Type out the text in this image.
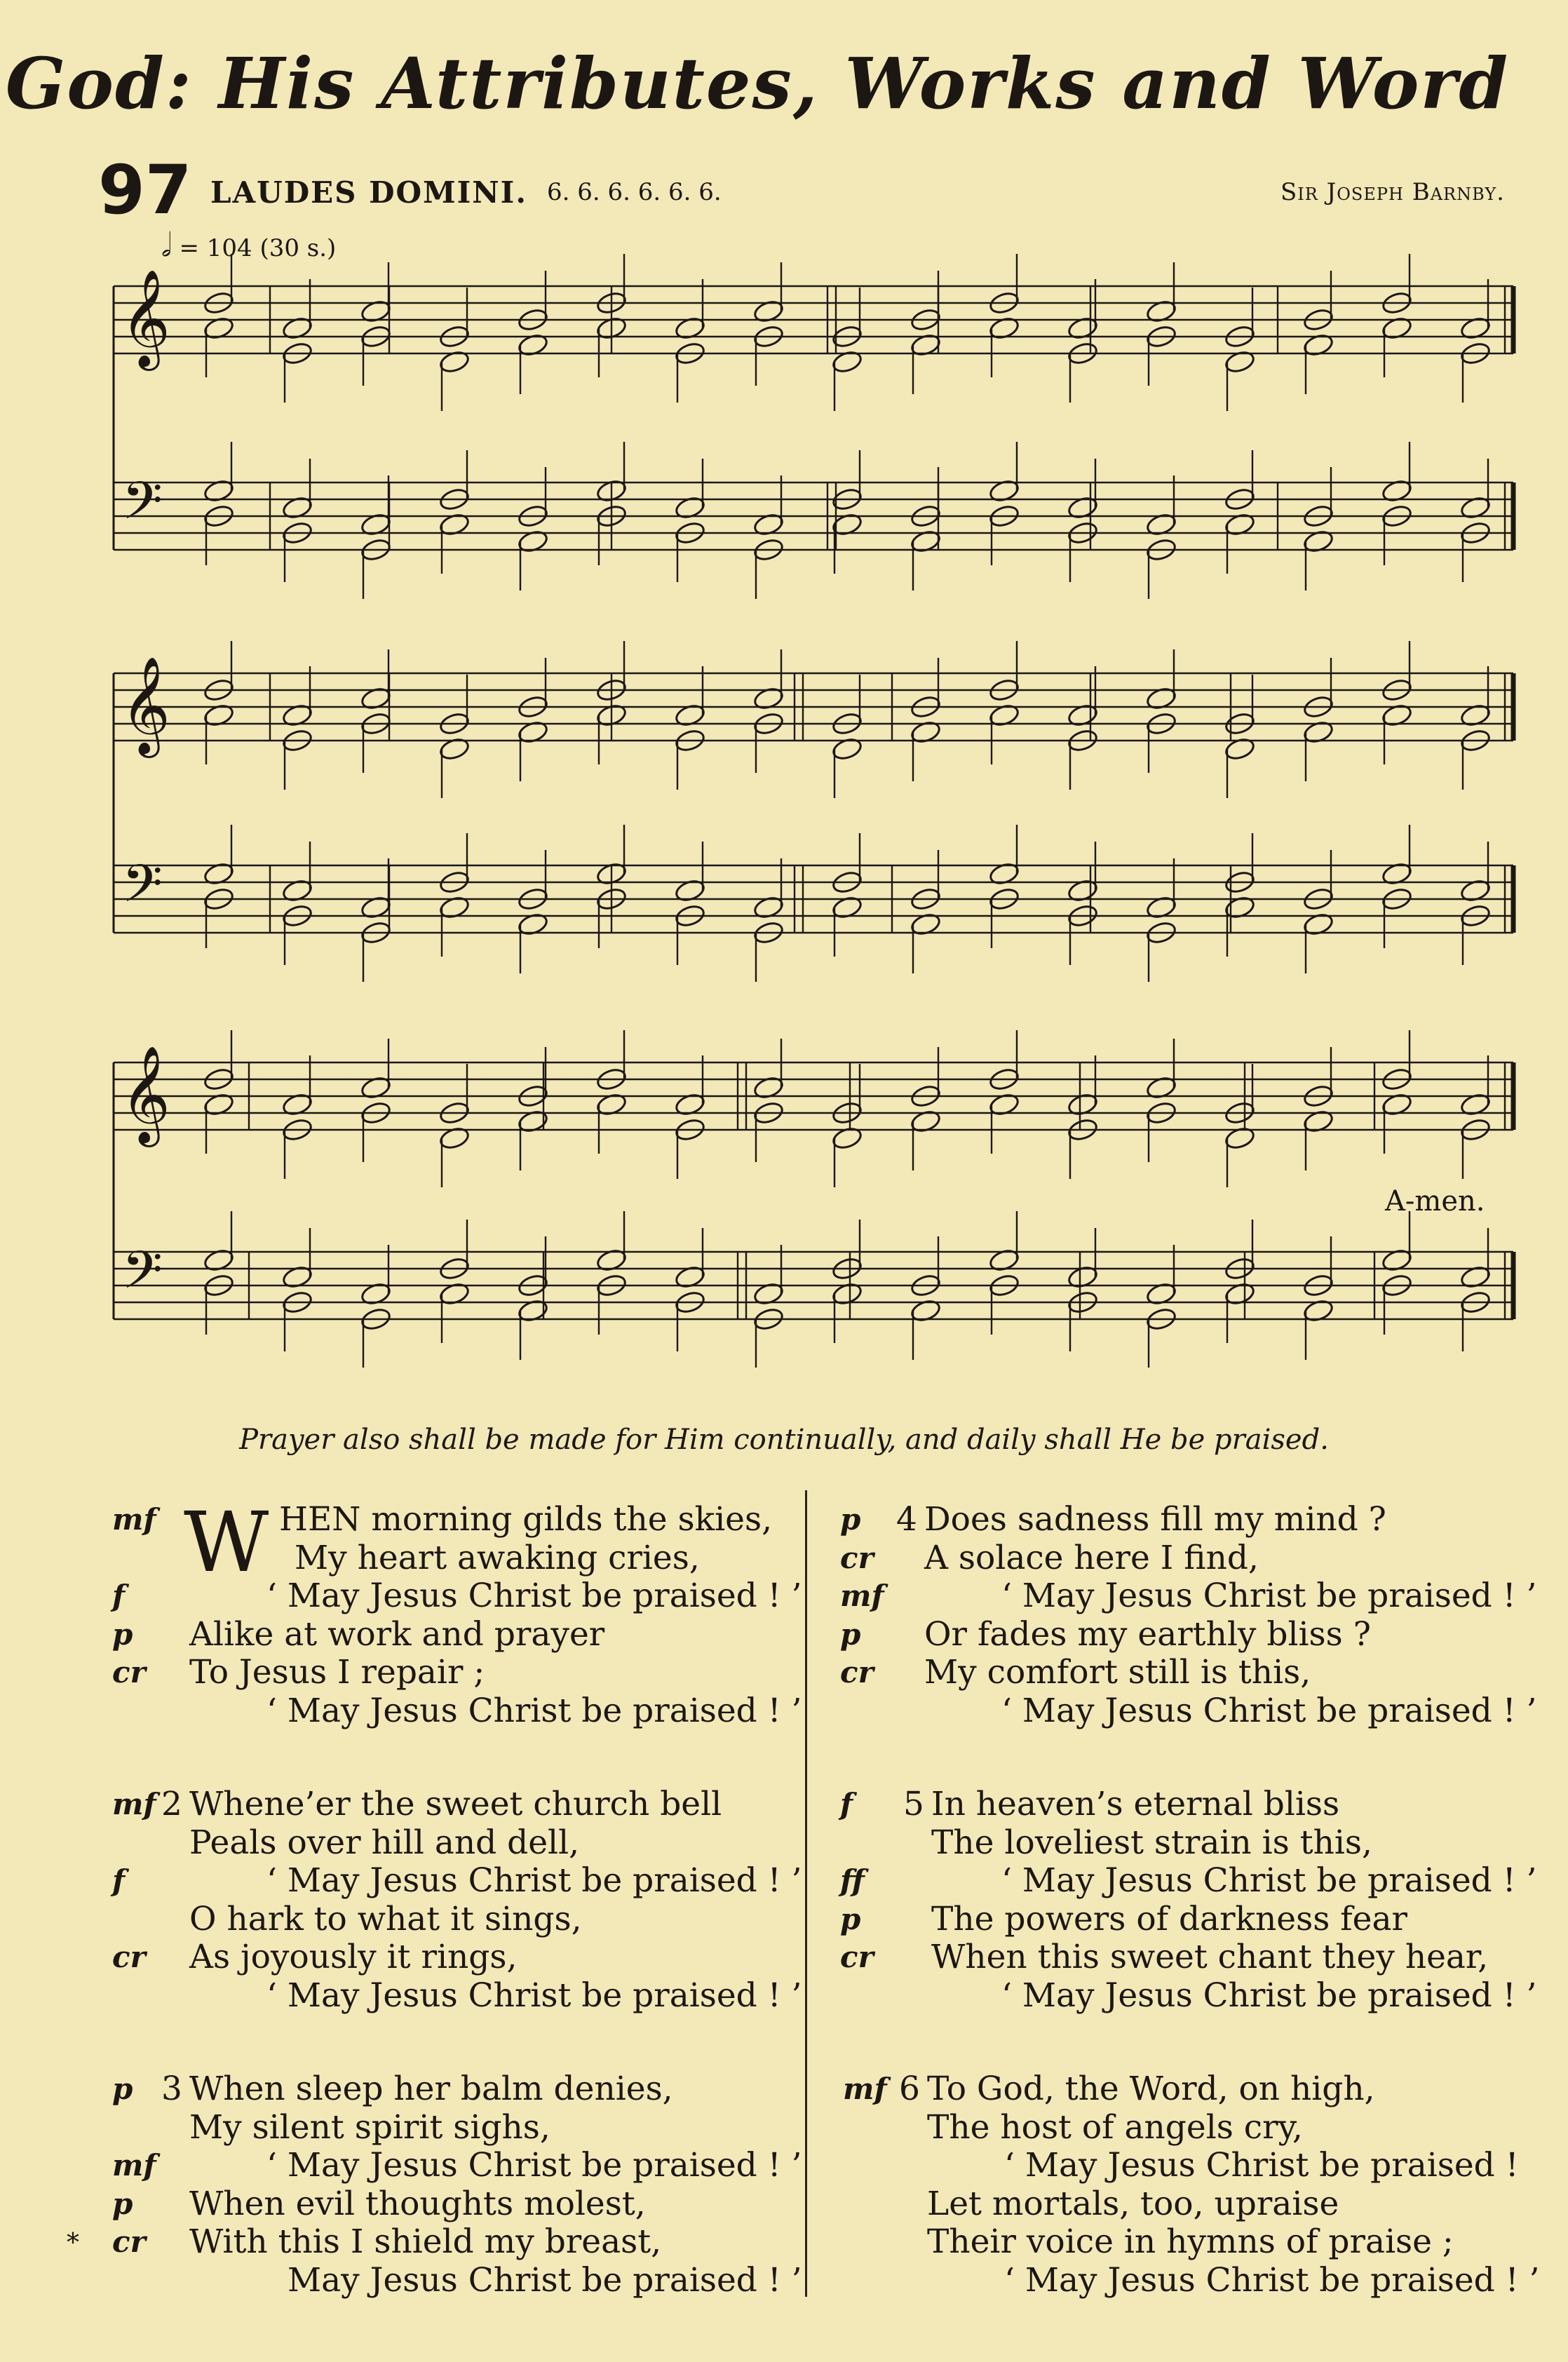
God: His Attributes, Works and Word
97 LAUDES DOMINI. 6. 6. 6. 6. 6. 6.	Sir Joseph Barnby.
𝅗𝅥 = 104 (30 s.)
𝄞
𝄢
𝄞
𝄢
𝄞
𝄢
A-men.
Prayer also shall be made for Him continually, and daily shall He be praised.
W
mf	HEN morning gilds the skies,
My heart awaking cries,
f	‘ May Jesus Christ be praised ! ’
p	Alike at work and prayer
cr	To Jesus I repair ;
‘ May Jesus Christ be praised ! ’
mf 2 Whene’er the sweet church bell
Peals over hill and dell,
f	‘ May Jesus Christ be praised ! ’
O hark to what it sings,
cr	As joyously it rings,
‘ May Jesus Christ be praised ! ’
p 3 When sleep her balm denies,
My silent spirit sighs,
mf	‘ May Jesus Christ be praised ! ’
p	When evil thoughts molest,
cr	With this I shield my breast,
May Jesus Christ be praised ! ’
p	4 Does sadness fill my mind ?
cr	A solace here I find,
mf	‘ May Jesus Christ be praised ! ’
p	Or fades my earthly bliss ?
cr	My comfort still is this,
‘ May Jesus Christ be praised ! ’
f	5 In heaven’s eternal bliss
The loveliest strain is this,
ff	‘ May Jesus Christ be praised ! ’
p	The powers of darkness fear
cr	When this sweet chant they hear,
‘ May Jesus Christ be praised ! ’
mf 6 To God, the Word, on high,
The host of angels cry,
‘ May Jesus Christ be praised !
Let mortals, too, upraise
Their voice in hymns of praise ;
‘ May Jesus Christ be praised ! ’
*
